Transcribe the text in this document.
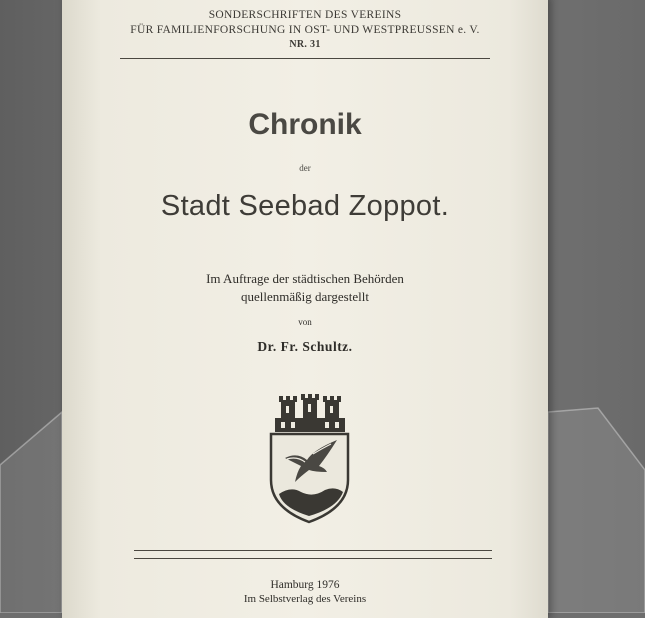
SONDERSCHRIFTEN DES VEREINS
FÜR FAMILIENFORSCHUNG IN OST- UND WESTPREUSSEN e. V.
NR. 31
Chronik
der
Stadt Seebad Zoppot.
Im Auftrage der städtischen Behörden
quellenmäßig dargestellt
von
Dr. Fr. Schultz.
Hamburg 1976
Im Selbstverlag des Vereins
